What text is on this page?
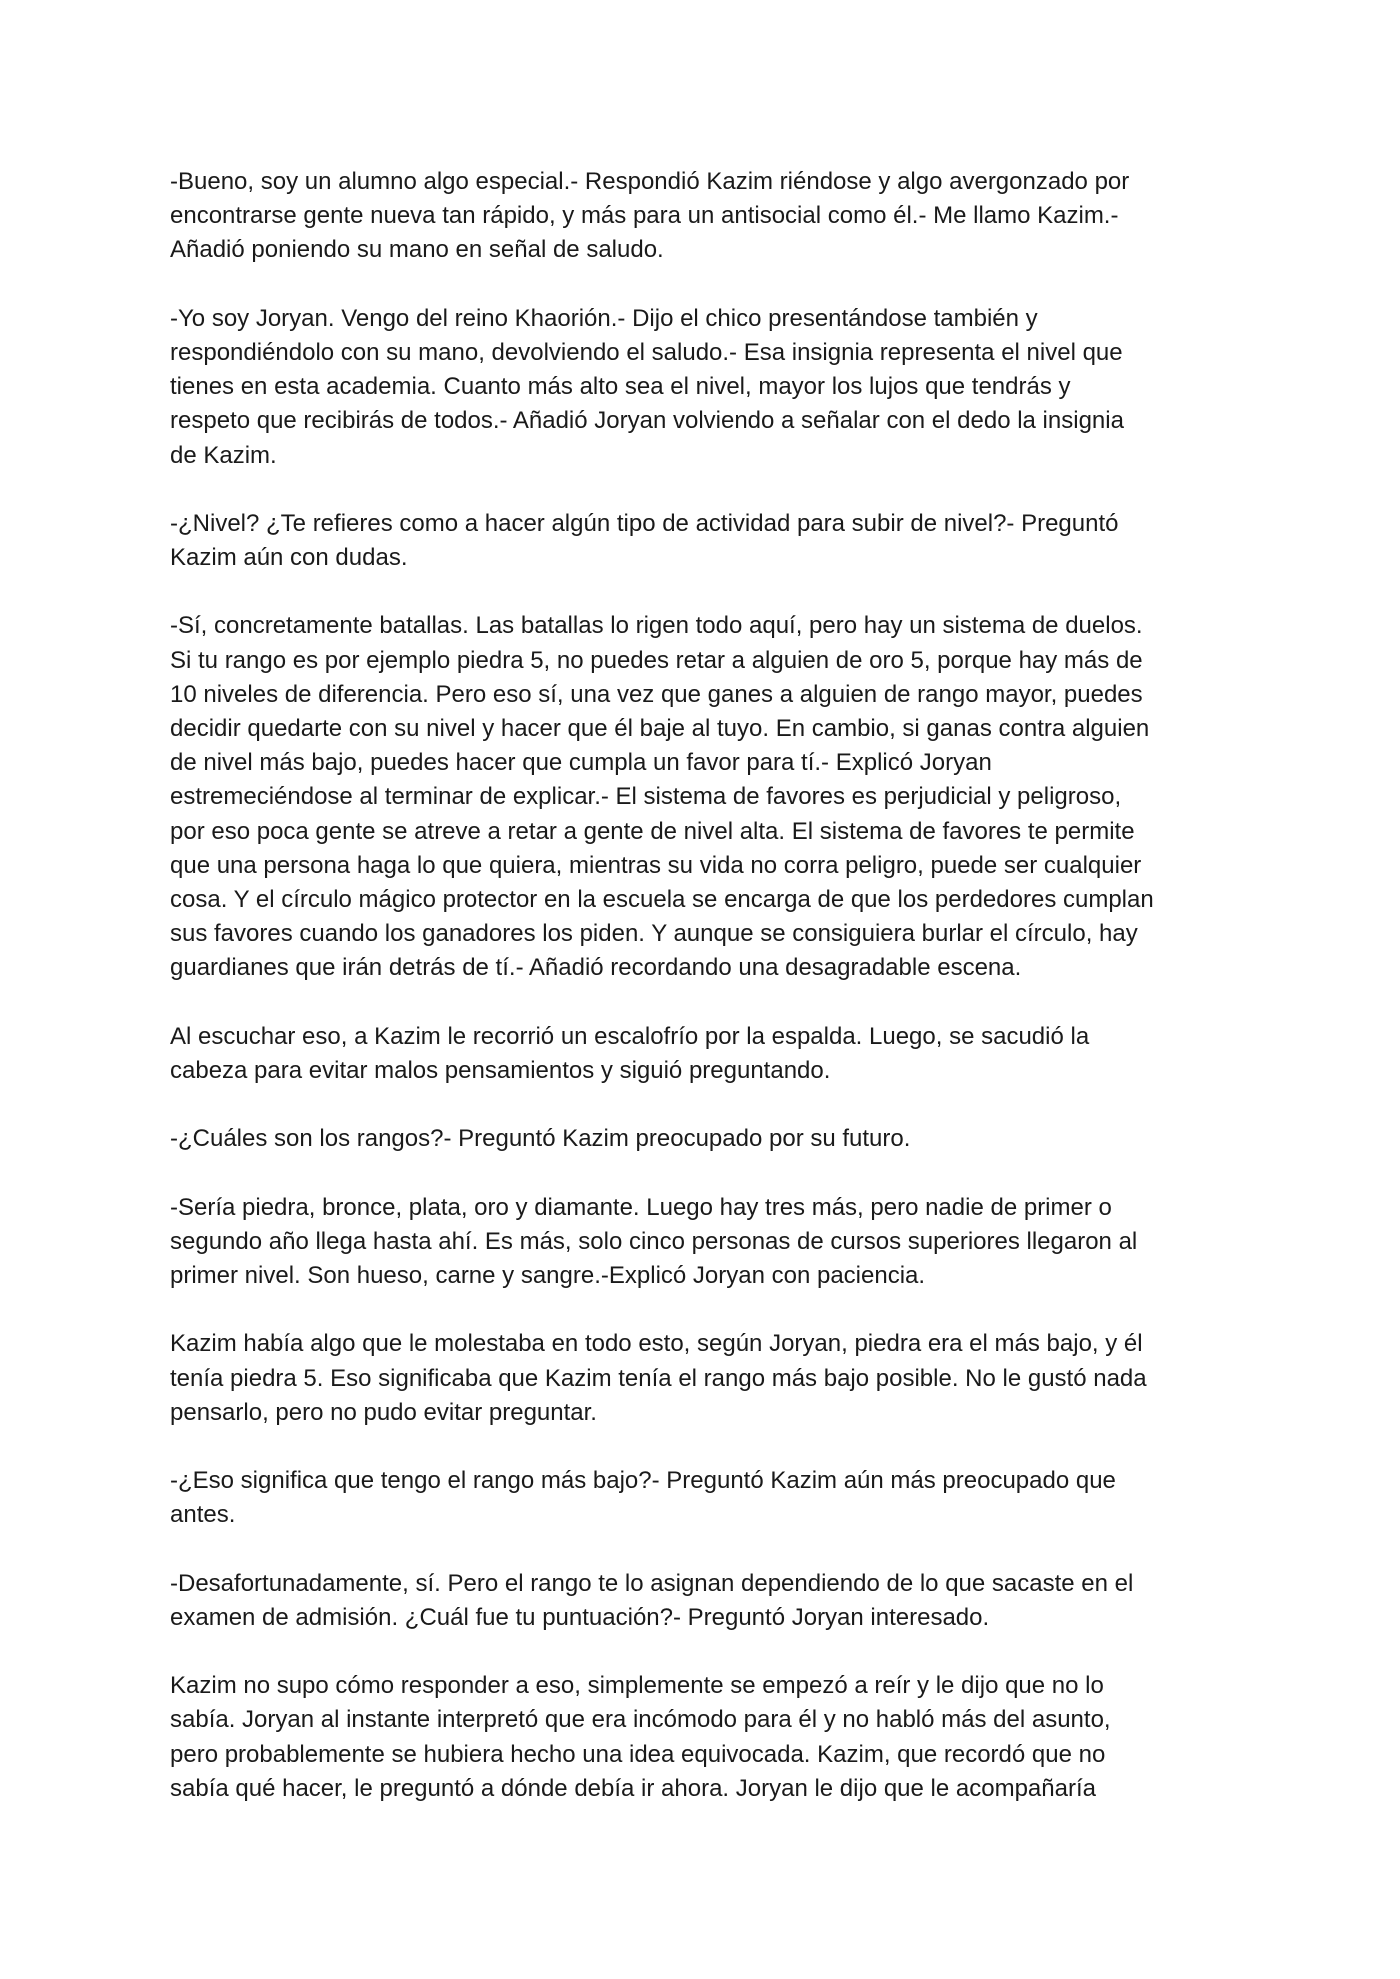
-Bueno, soy un alumno algo especial.- Respondió Kazim riéndose y algo avergonzado por
encontrarse gente nueva tan rápido, y más para un antisocial como él.- Me llamo Kazim.-
Añadió poniendo su mano en señal de saludo.
-Yo soy Joryan. Vengo del reino Khaorión.- Dijo el chico presentándose también y
respondiéndolo con su mano, devolviendo el saludo.- Esa insignia representa el nivel que
tienes en esta academia. Cuanto más alto sea el nivel, mayor los lujos que tendrás y
respeto que recibirás de todos.- Añadió Joryan volviendo a señalar con el dedo la insignia
de Kazim.
-¿Nivel? ¿Te refieres como a hacer algún tipo de actividad para subir de nivel?- Preguntó
Kazim aún con dudas.
-Sí, concretamente batallas. Las batallas lo rigen todo aquí, pero hay un sistema de duelos.
Si tu rango es por ejemplo piedra 5, no puedes retar a alguien de oro 5, porque hay más de
10 niveles de diferencia. Pero eso sí, una vez que ganes a alguien de rango mayor, puedes
decidir quedarte con su nivel y hacer que él baje al tuyo. En cambio, si ganas contra alguien
de nivel más bajo, puedes hacer que cumpla un favor para tí.- Explicó Joryan
estremeciéndose al terminar de explicar.- El sistema de favores es perjudicial y peligroso,
por eso poca gente se atreve a retar a gente de nivel alta. El sistema de favores te permite
que una persona haga lo que quiera, mientras su vida no corra peligro, puede ser cualquier
cosa. Y el círculo mágico protector en la escuela se encarga de que los perdedores cumplan
sus favores cuando los ganadores los piden. Y aunque se consiguiera burlar el círculo, hay
guardianes que irán detrás de tí.- Añadió recordando una desagradable escena.
Al escuchar eso, a Kazim le recorrió un escalofrío por la espalda. Luego, se sacudió la
cabeza para evitar malos pensamientos y siguió preguntando.
-¿Cuáles son los rangos?- Preguntó Kazim preocupado por su futuro.
-Sería piedra, bronce, plata, oro y diamante. Luego hay tres más, pero nadie de primer o
segundo año llega hasta ahí. Es más, solo cinco personas de cursos superiores llegaron al
primer nivel. Son hueso, carne y sangre.-Explicó Joryan con paciencia.
Kazim había algo que le molestaba en todo esto, según Joryan, piedra era el más bajo, y él
tenía piedra 5. Eso significaba que Kazim tenía el rango más bajo posible. No le gustó nada
pensarlo, pero no pudo evitar preguntar.
-¿Eso significa que tengo el rango más bajo?- Preguntó Kazim aún más preocupado que
antes.
-Desafortunadamente, sí. Pero el rango te lo asignan dependiendo de lo que sacaste en el
examen de admisión. ¿Cuál fue tu puntuación?- Preguntó Joryan interesado.
Kazim no supo cómo responder a eso, simplemente se empezó a reír y le dijo que no lo
sabía. Joryan al instante interpretó que era incómodo para él y no habló más del asunto,
pero probablemente se hubiera hecho una idea equivocada. Kazim, que recordó que no
sabía qué hacer, le preguntó a dónde debía ir ahora. Joryan le dijo que le acompañaría
